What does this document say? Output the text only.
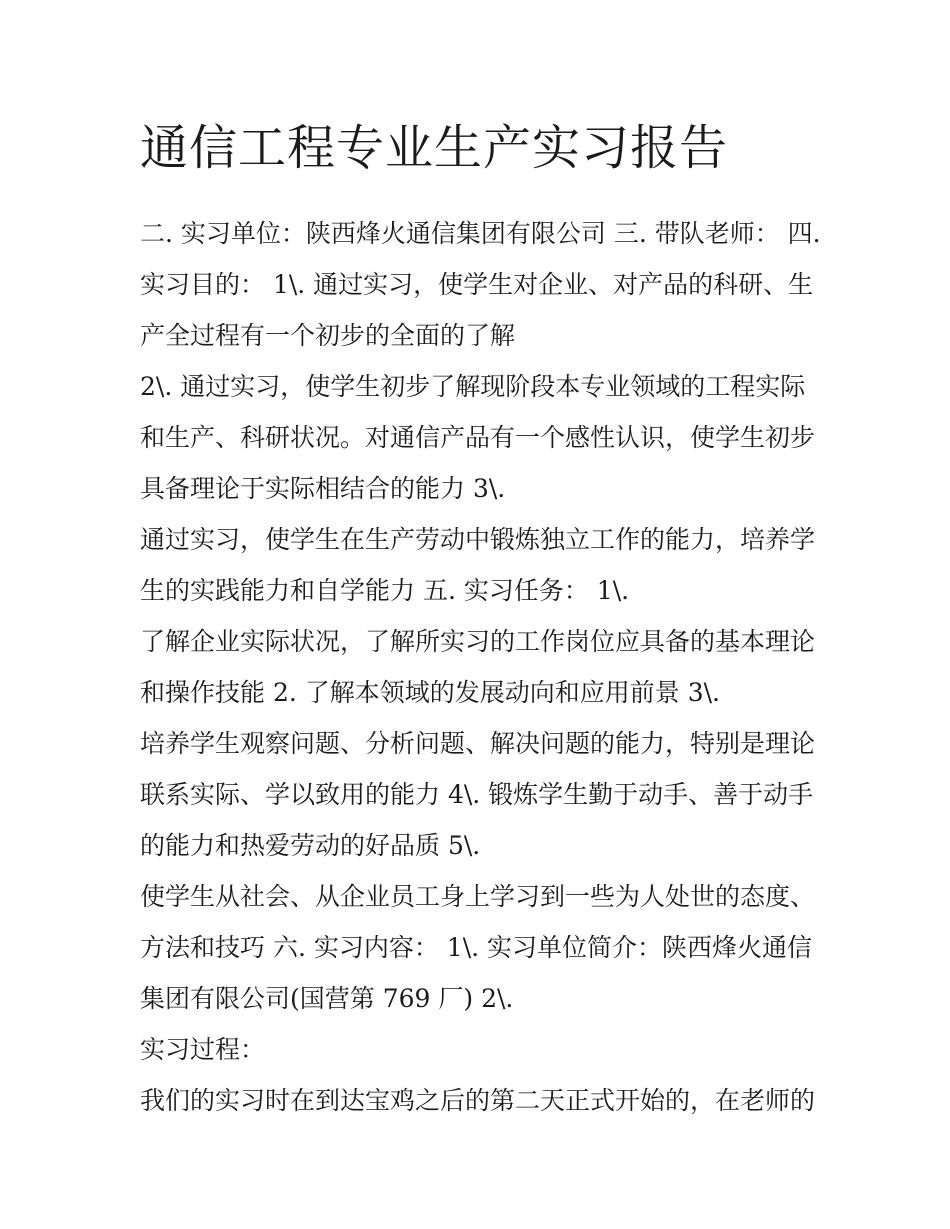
通信工程专业生产实习报告
二. 实习单位：陕西烽火通信集团有限公司 三. 带队老师： 四.
实习目的： 1\. 通过实习，使学生对企业、对产品的科研、生
产全过程有一个初步的全面的了解
2\. 通过实习，使学生初步了解现阶段本专业领域的工程实际
和生产、科研状况。对通信产品有一个感性认识，使学生初步
具备理论于实际相结合的能力 3\.
通过实习，使学生在生产劳动中锻炼独立工作的能力，培养学
生的实践能力和自学能力 五. 实习任务： 1\.
了解企业实际状况，了解所实习的工作岗位应具备的基本理论
和操作技能 2. 了解本领域的发展动向和应用前景 3\.
培养学生观察问题、分析问题、解决问题的能力，特别是理论
联系实际、学以致用的能力 4\. 锻炼学生勤于动手、善于动手
的能力和热爱劳动的好品质 5\.
使学生从社会、从企业员工身上学习到一些为人处世的态度、
方法和技巧 六. 实习内容： 1\. 实习单位简介：陕西烽火通信
集团有限公司(国营第 769 厂) 2\.
实习过程：
我们的实习时在到达宝鸡之后的第二天正式开始的，在老师的
